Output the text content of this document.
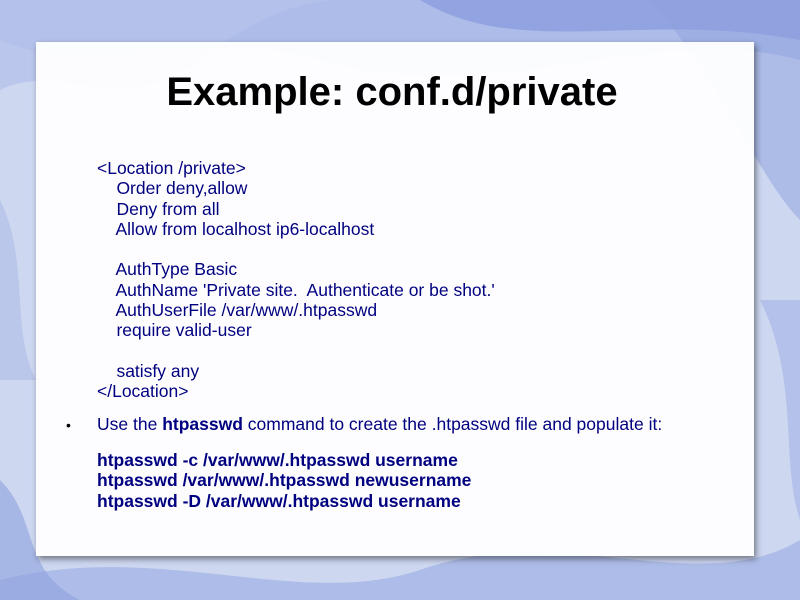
Example: conf.d/private
<Location /private>
Order deny,allow
Deny from all
Allow from localhost ip6-localhost
AuthType Basic
AuthName 'Private site.  Authenticate or be shot.'
AuthUserFile /var/www/.htpasswd
require valid-user
satisfy any
</Location>
• Use the htpasswd command to create the .htpasswd file and populate it:
htpasswd -c /var/www/.htpasswd username
htpasswd /var/www/.htpasswd newusername
htpasswd -D /var/www/.htpasswd username
